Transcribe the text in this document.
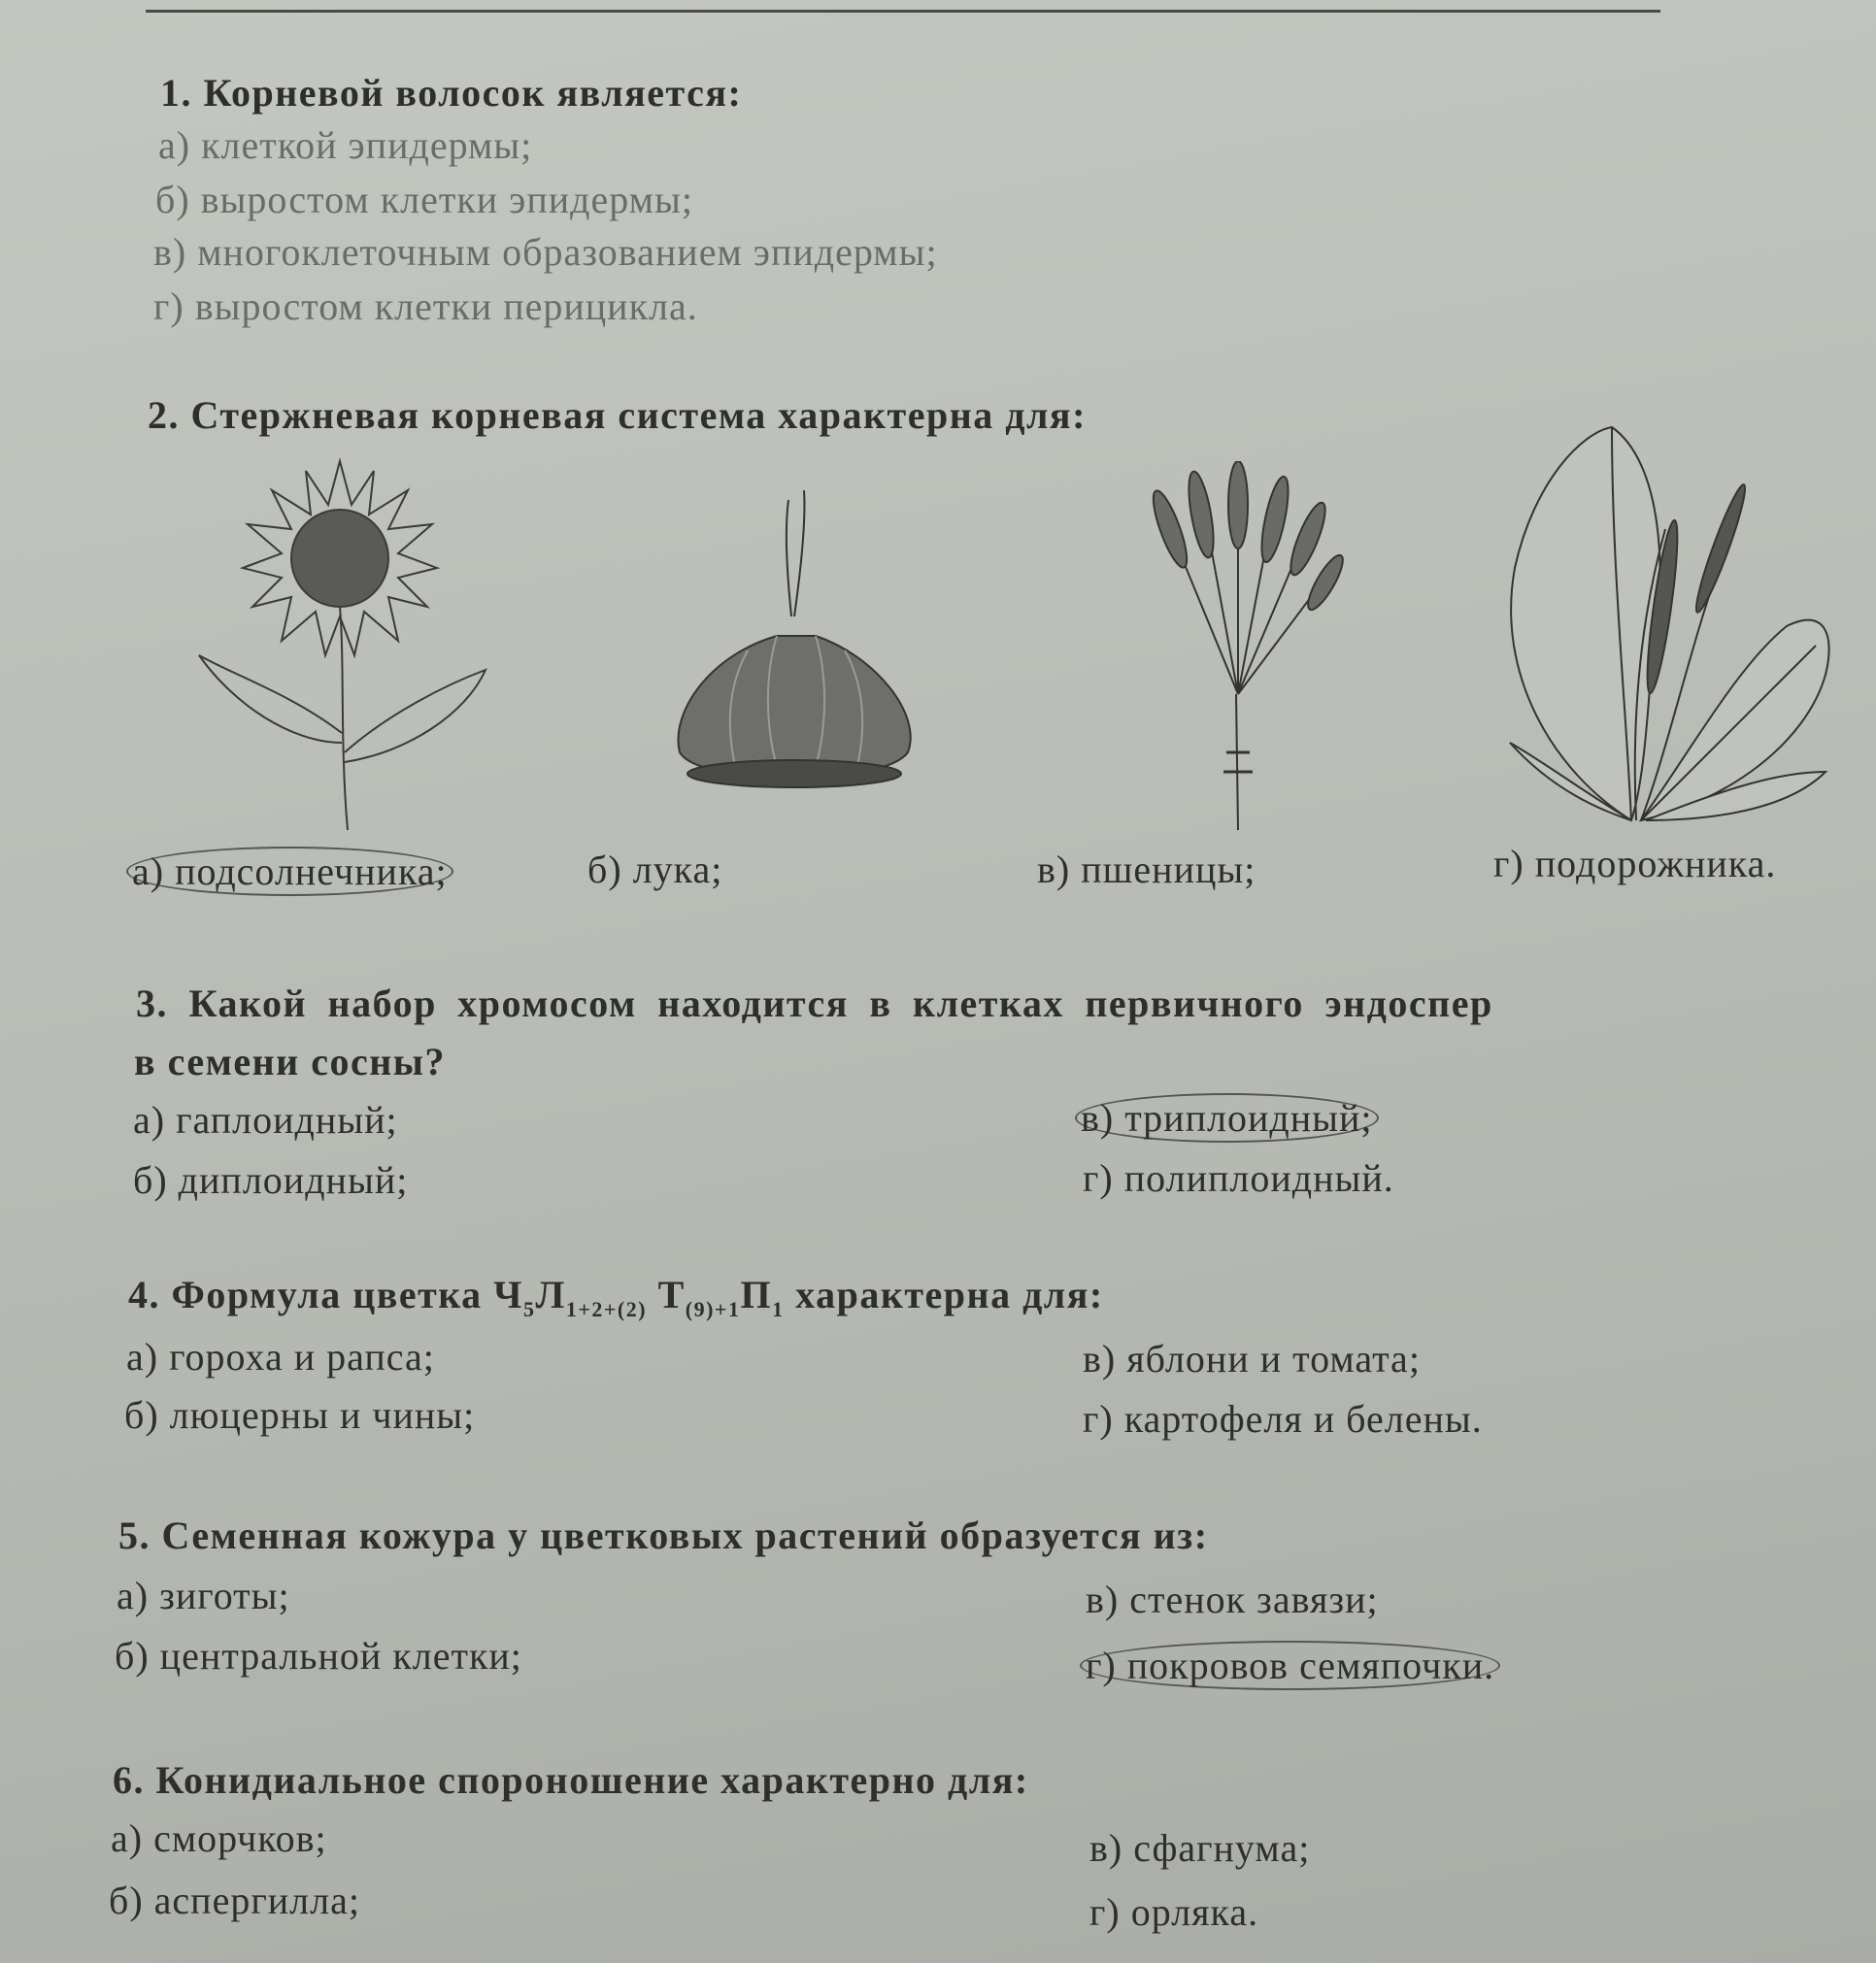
1. Корневой волосок является:
а) клеткой эпидермы;
б) выростом клетки эпидермы;
в) многоклеточным образованием эпидермы;
г) выростом клетки перицикла.
2. Стержневая корневая система характерна для:
а) подсолнечника;	б) лука;	в) пшеницы;	г) подорожника.
3. Какой набор хромосом находится в клетках первичного эндоспер
в семени сосны?
а) гаплоидный;
б) диплоидный;
в) триплоидный;
г) полиплоидный.
4. Формула цветка $Ч_5Л_{1+2+(2)}$ $Т_{(9)+1}П_1$ характерна для:
а) гороха и рапса;
б) люцерны и чины;
в) яблони и томата;
г) картофеля и белены.
5. Семенная кожура у цветковых растений образуется из:
а) зиготы;
б) центральной клетки;
в) стенок завязи;
г) покровов семяпочки.
6. Конидиальное спороношение характерно для:
а) сморчков;
б) аспергилла;
в) сфагнума;
г) орляка.
